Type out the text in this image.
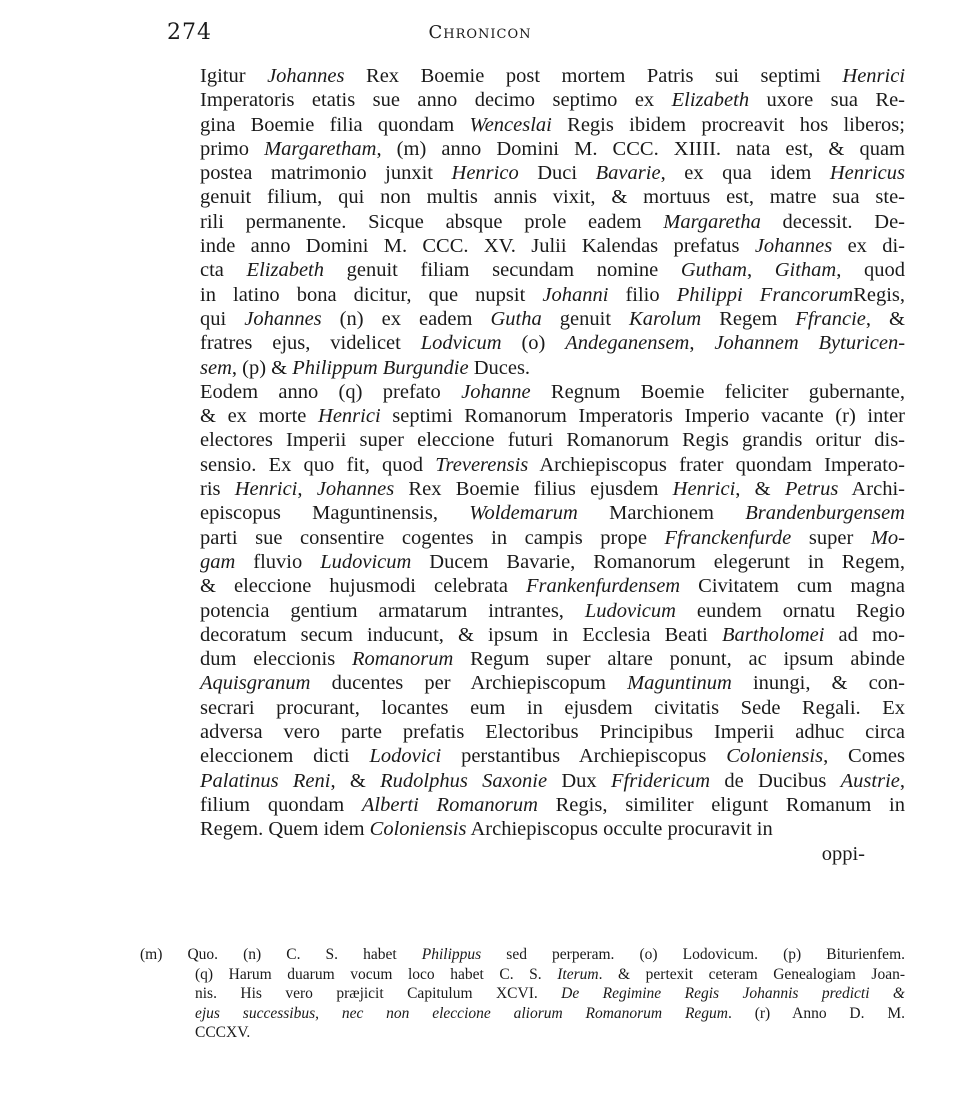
274	Chronicon
Igitur Johannes Rex Boemie post mortem Patris sui septimi Henrici
Imperatoris etatis sue anno decimo septimo ex Elizabeth uxore sua Re-
gina Boemie filia quondam Wenceslai Regis ibidem procreavit hos liberos;
primo Margaretham, (m) anno Domini M. CCC. XIIII. nata est, & quam
postea matrimonio junxit Henrico Duci Bavarie, ex qua idem Henricus
genuit filium, qui non multis annis vixit, & mortuus est, matre sua ste-
rili permanente. Sicque absque prole eadem Margaretha decessit. De-
inde anno Domini M. CCC. XV. Julii Kalendas prefatus Johannes ex di-
cta Elizabeth genuit filiam secundam nomine Gutham, Githam, quod
in latino bona dicitur, que nupsit Johanni filio Philippi FrancorumRegis,
qui Johannes (n) ex eadem Gutha genuit Karolum Regem Ffrancie, &
fratres ejus, videlicet Lodvicum (o) Andeganensem, Johannem Byturicen-
sem, (p) & Philippum Burgundie Duces.
Eodem anno (q) prefato Johanne Regnum Boemie feliciter gubernante,
& ex morte Henrici septimi Romanorum Imperatoris Imperio vacante (r) inter
electores Imperii super eleccione futuri Romanorum Regis grandis oritur dis-
sensio. Ex quo fit, quod Treverensis Archiepiscopus frater quondam Imperato-
ris Henrici, Johannes Rex Boemie filius ejusdem Henrici, & Petrus Archi-
episcopus Maguntinensis, Woldemarum Marchionem Brandenburgensem
parti sue consentire cogentes in campis prope Ffranckenfurde super Mo-
gam fluvio Ludovicum Ducem Bavarie, Romanorum elegerunt in Regem,
& eleccione hujusmodi celebrata Frankenfurdensem Civitatem cum magna
potencia gentium armatarum intrantes, Ludovicum eundem ornatu Regio
decoratum secum inducunt, & ipsum in Ecclesia Beati Bartholomei ad mo-
dum eleccionis Romanorum Regum super altare ponunt, ac ipsum abinde
Aquisgranum ducentes per Archiepiscopum Maguntinum inungi, & con-
secrari procurant, locantes eum in ejusdem civitatis Sede Regali. Ex
adversa vero parte prefatis Electoribus Principibus Imperii adhuc circa
eleccionem dicti Lodovici perstantibus Archiepiscopus Coloniensis, Comes
Palatinus Reni, & Rudolphus Saxonie Dux Ffridericum de Ducibus Austrie,
filium quondam Alberti Romanorum Regis, similiter eligunt Romanum in
Regem. Quem idem Coloniensis Archiepiscopus occulte procuravit in
oppi-
(m) Quo. (n) C. S. habet Philippus sed perperam. (o) Lodovicum. (p) Biturienfem.
(q) Harum duarum vocum loco habet C. S. Iterum. & pertexit ceteram Genealogiam Joan-
nis. His vero præjicit Capitulum XCVI. De Regimine Regis Johannis predicti &
ejus successibus, nec non eleccione aliorum Romanorum Regum. (r) Anno D. M.
CCCXV.
